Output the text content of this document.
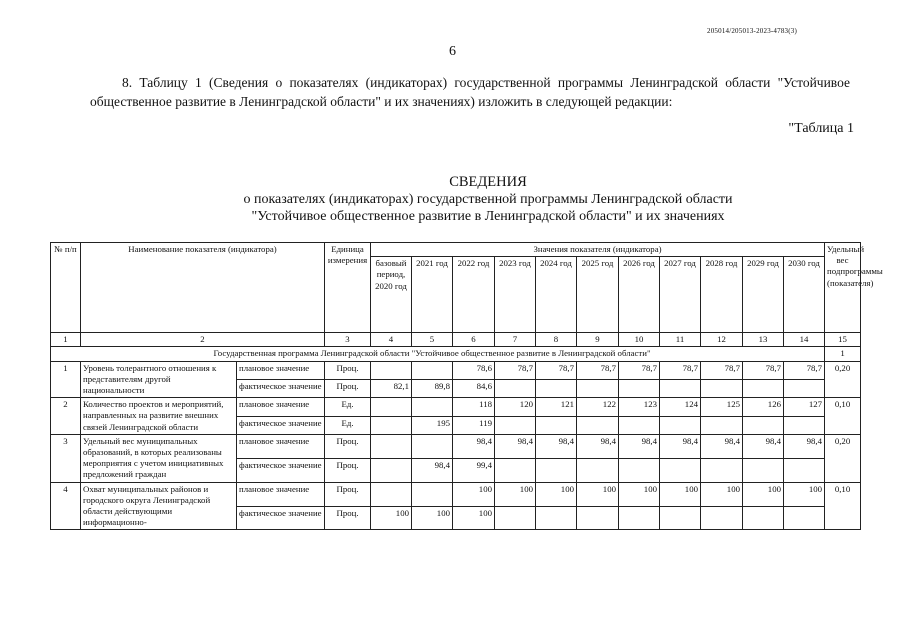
205014/205013-2023-4783(3)
6
8. Таблицу 1 (Сведения о показателях (индикаторах) государственной программы Ленинградской области "Устойчивое общественное развитие в Ленинградской области" и их значениях) изложить в следующей редакции:
"Таблица 1
СВЕДЕНИЯ
о показателях (индикаторах) государственной программы Ленинградской области
"Устойчивое общественное развитие в Ленинградской области" и их значениях
№ п/п	Наименование показателя (индикатора)		Единица измерения	Значения показателя (индикатора)											Удельный вес подпрограммы (показателя)
				базовый период, 2020 год	2021 год	2022 год	2023 год	2024 год	2025 год	2026 год	2027 год	2028 год	2029 год	2030 год	
1	2		3	4	5	6	7	8	9	10	11	12	13	14	15
	Государственная программа Ленинградской области "Устойчивое общественное развитие в Ленинградской области"														1
1	Уровень толерантного отношения к представителям другой национальности	плановое значение	Проц.			78,6	78,7	78,7	78,7	78,7	78,7	78,7	78,7	78,7	0,20
		фактическое значение	Проц.	82,1	89,8	84,6									
2	Количество проектов и мероприятий, направленных на развитие внешних связей Ленинградской области	плановое значение	Ед.			118	120	121	122	123	124	125	126	127	0,10
		фактическое значение	Ед.		195	119									
3	Удельный вес муниципальных образований, в которых реализованы мероприятия с учетом инициативных предложений граждан	плановое значение	Проц.			98,4	98,4	98,4	98,4	98,4	98,4	98,4	98,4	98,4	0,20
		фактическое значение	Проц.		98,4	99,4									
4	Охват муниципальных районов и городского округа Ленинградской области действующими информационно-	плановое значение	Проц.			100	100	100	100	100	100	100	100	100	0,10
		фактическое значение	Проц.	100	100	100									
